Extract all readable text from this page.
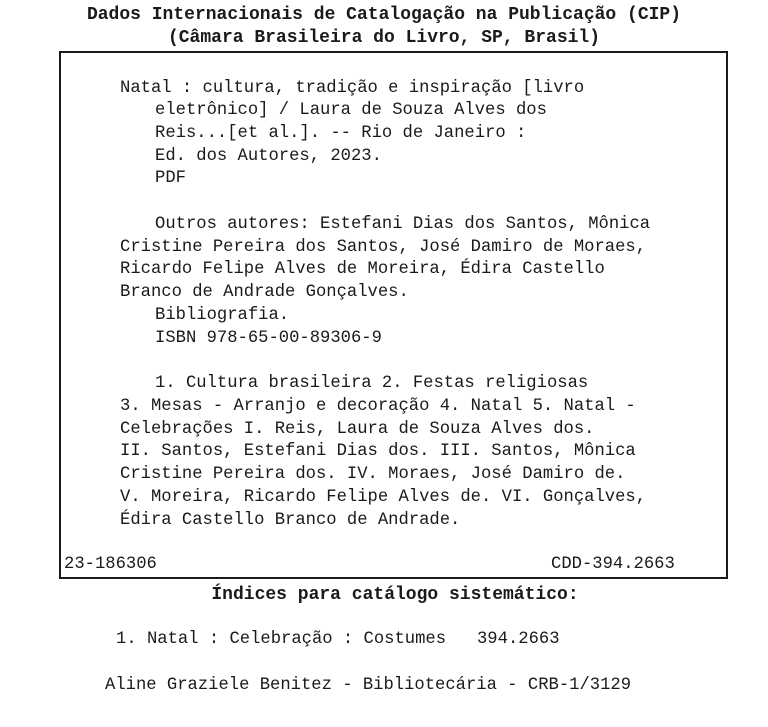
Dados Internacionais de Catalogação na Publicação (CIP)
(Câmara Brasileira do Livro, SP, Brasil)
Natal : cultura, tradição e inspiração [livro
eletrônico] / Laura de Souza Alves dos
Reis...[et al.]. -- Rio de Janeiro :
Ed. dos Autores, 2023.
PDF
Outros autores: Estefani Dias dos Santos, Mônica
Cristine Pereira dos Santos, José Damiro de Moraes,
Ricardo Felipe Alves de Moreira, Édira Castello
Branco de Andrade Gonçalves.
Bibliografia.
ISBN 978-65-00-89306-9
1. Cultura brasileira 2. Festas religiosas
3. Mesas - Arranjo e decoração 4. Natal 5. Natal -
Celebrações I. Reis, Laura de Souza Alves dos.
II. Santos, Estefani Dias dos. III. Santos, Mônica
Cristine Pereira dos. IV. Moraes, José Damiro de.
V. Moreira, Ricardo Felipe Alves de. VI. Gonçalves,
Édira Castello Branco de Andrade.
23-186306	CDD-394.2663
Índices para catálogo sistemático:
1. Natal : Celebração : Costumes   394.2663
Aline Graziele Benitez - Bibliotecária - CRB-1/3129
